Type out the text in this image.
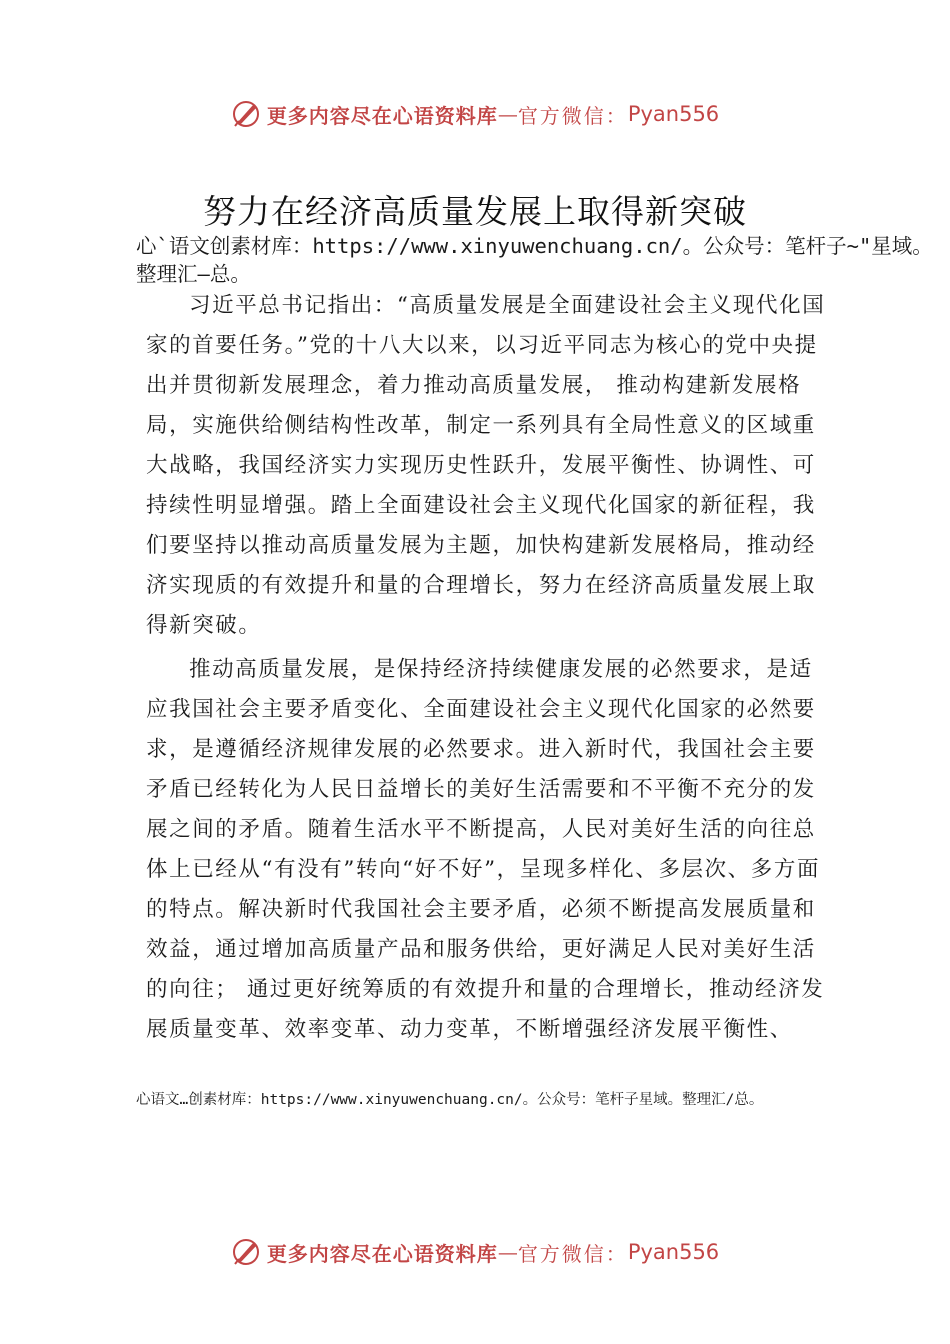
更多内容尽在心语资料库 — 官方微信： Pyan556
努力在经济高质量发展上取得新突破
心`语文创素材库：https://www.xinyuwenchuang.cn/。公众号：笔杆子~"星域。整理汇—总。

习近平总书记指出：“高质量发展是全面建设社会主义现代化国家的首要任务。”党的十八大以来，以习近平同志为核心的党中央提出并贯彻新发展理念，着力推动高质量发展， 推动构建新发展格局，实施供给侧结构性改革，制定一系列具有全局性意义的区域重大战略，我国经济实力实现历史性跃升，发展平衡性、协调性、可持续性明显增强。踏上全面建设社会主义现代化国家的新征程，我们要坚持以推动高质量发展为主题，加快构建新发展格局，推动经济实现质的有效提升和量的合理增长，努力在经济高质量发展上取得新突破。

推动高质量发展，是保持经济持续健康发展的必然要求，是适应我国社会主要矛盾变化、全面建设社会主义现代化国家的必然要求，是遵循经济规律发展的必然要求。进入新时代，我国社会主要矛盾已经转化为人民日益增长的美好生活需要和不平衡不充分的发展之间的矛盾。随着生活水平不断提高，人民对美好生活的向往总体上已经从“有没有”转向“好不好”，呈现多样化、多层次、多方面的特点。解决新时代我国社会主要矛盾，必须不断提高发展质量和效益，通过增加高质量产品和服务供给，更好满足人民对美好生活的向往； 通过更好统筹质的有效提升和量的合理增长，推动经济发展质量变革、效率变革、动力变革，不断增强经济发展平衡性、

心语文…创素材库：https://www.xinyuwenchuang.cn/。公众号：笔杆子星域。整理汇/总。
更多内容尽在心语资料库 — 官方微信： Pyan556
